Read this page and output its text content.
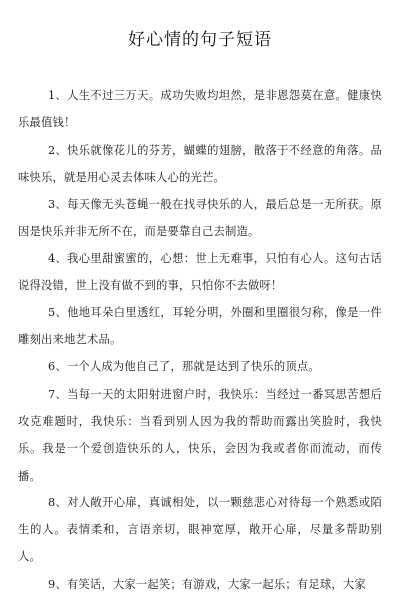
好心情的句子短语
1、人生不过三万天。成功失败均坦然，是非恩怨莫在意。健康快乐最值钱！
2、快乐就像花儿的芬芳，蝴蝶的翅膀，散落于不经意的角落。品味快乐，就是用心灵去体味人心的光芒。
3、每天像无头苍蝇一般在找寻快乐的人，最后总是一无所获。原因是快乐并非无所不在，而是要靠自己去制造。
4、我心里甜蜜蜜的，心想：世上无难事，只怕有心人。这句古话说得没错，世上没有做不到的事，只怕你不去做呀！
5、他地耳朵白里透红，耳轮分明，外圈和里圈很匀称，像是一件雕刻出来地艺术品。
6、一个人成为他自己了，那就是达到了快乐的顶点。
7、当每一天的太阳射进窗户时，我快乐：当经过一番冥思苦想后攻克难题时，我快乐：当看到别人因为我的帮助而露出笑脸时，我快乐。我是一个爱创造快乐的人，快乐，会因为我或者你而流动，而传播。
8、对人敞开心扉，真诚相处，以一颗慈悲心对待每一个熟悉或陌生的人。表情柔和，言语亲切，眼神宽厚，敞开心扉，尽量多帮助别人。
9、有笑话，大家一起笑；有游戏，大家一起乐；有足球，大家
